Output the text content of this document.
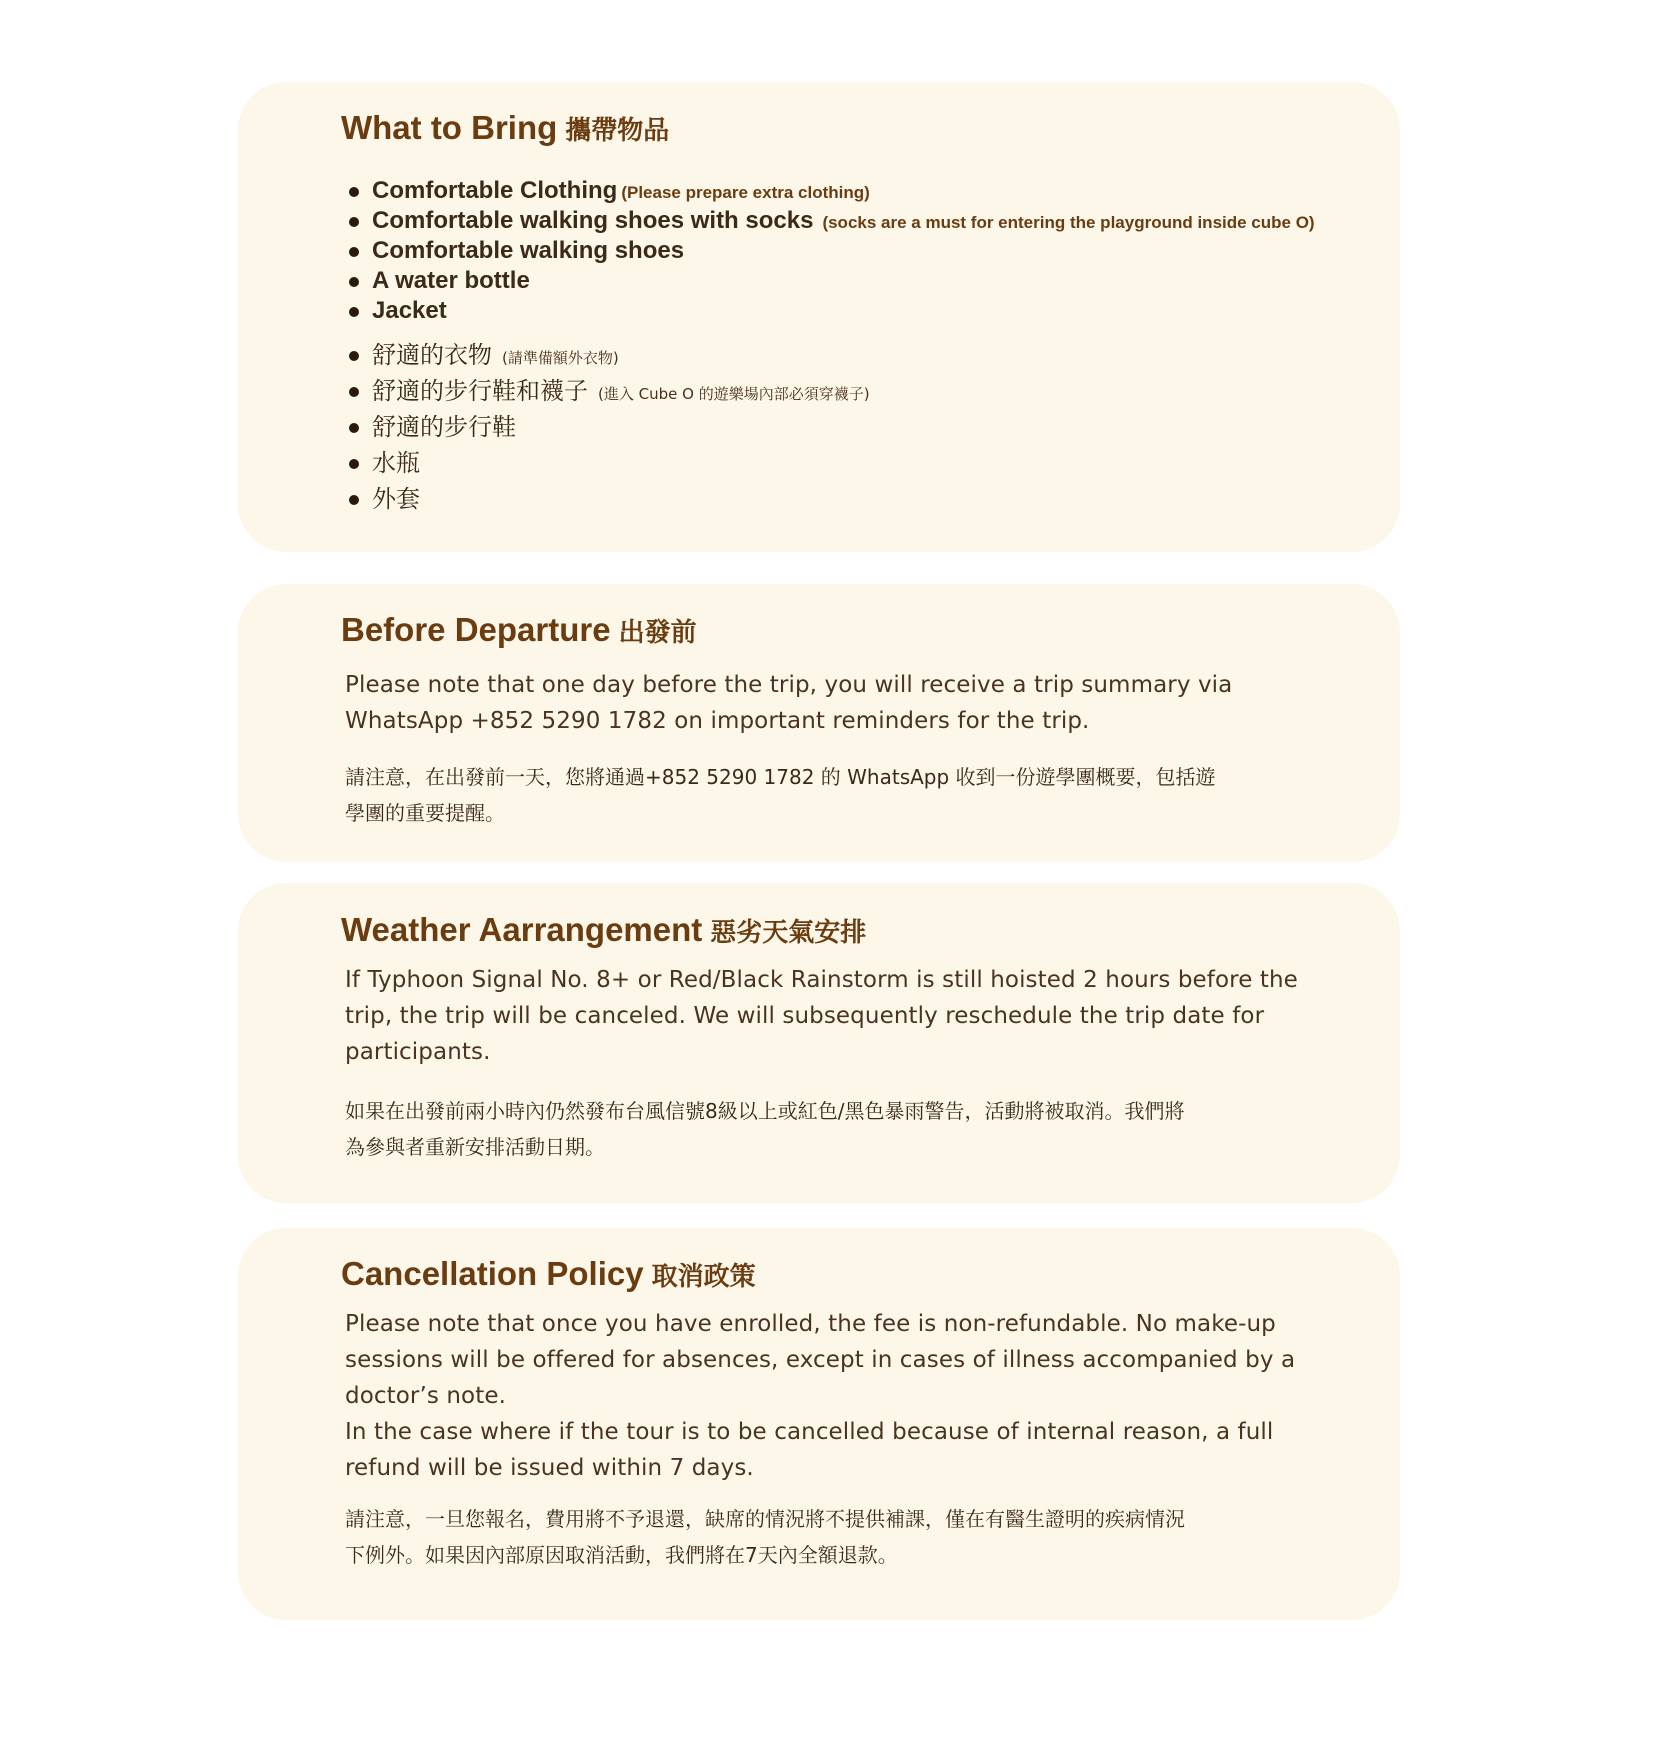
What to Bring 攜帶物品
Comfortable Clothing (Please prepare extra clothing)
Comfortable walking shoes with socks (socks are a must for entering the playground inside cube O)
Comfortable walking shoes
A water bottle
Jacket
舒適的衣物 (請準備額外衣物)
舒適的步行鞋和襪子 (進入 Cube O 的遊樂場內部必須穿襪子)
舒適的步行鞋
水瓶
外套
Before Departure 出發前

Please note that one day before the trip, you will receive a trip summary via
WhatsApp +852 5290 1782 on important reminders for the trip.

請注意，在出發前一天，您將通過+852 5290 1782 的 WhatsApp 收到一份遊學團概要，包括遊
學團的重要提醒。

Weather Aarrangement 惡劣天氣安排

If Typhoon Signal No. 8+ or Red/Black Rainstorm is still hoisted 2 hours before the
trip, the trip will be canceled. We will subsequently reschedule the trip date for
participants.

如果在出發前兩小時內仍然發布台風信號8級以上或紅色/黑色暴雨警告，活動將被取消。我們將
為參與者重新安排活動日期。

Cancellation Policy 取消政策

Please note that once you have enrolled, the fee is non-refundable. No make-up
sessions will be offered for absences, except in cases of illness accompanied by a
doctor’s note.
In the case where if the tour is to be cancelled because of internal reason, a full
refund will be issued within 7 days.

請注意，一旦您報名，費用將不予退還，缺席的情況將不提供補課，僅在有醫生證明的疾病情況
下例外。如果因內部原因取消活動，我們將在7天內全額退款。
